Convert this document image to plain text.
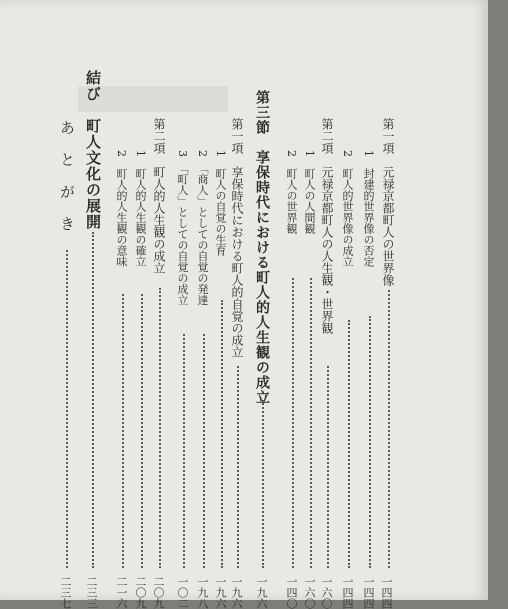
第一項　元禄京都町人の世界像
一四四
1　封建的世界像の否定
一四四
2　町人的世界像の成立
一四四
第二項　元禄京都町人の人生観・世界観
一六〇
1　町人の人間観
一六〇
2　町人の世界観
一四〇
第三節　享保時代における町人的人生観の成立
一九六
第一項　享保時代における町人的自覚の成立
一九六
1　町人の自覚の生育
一九六
2　「商人」としての自覚の発達
一九八
3　「町人」としての自覚の成立
一〇二
第二項　町人的人生観の成立
二〇九
1　町人的人生観の確立
二〇九
2　町人的人生観の意味
二一六
結び　町人文化の展開
二三三
あ　と　が　き
二三七
